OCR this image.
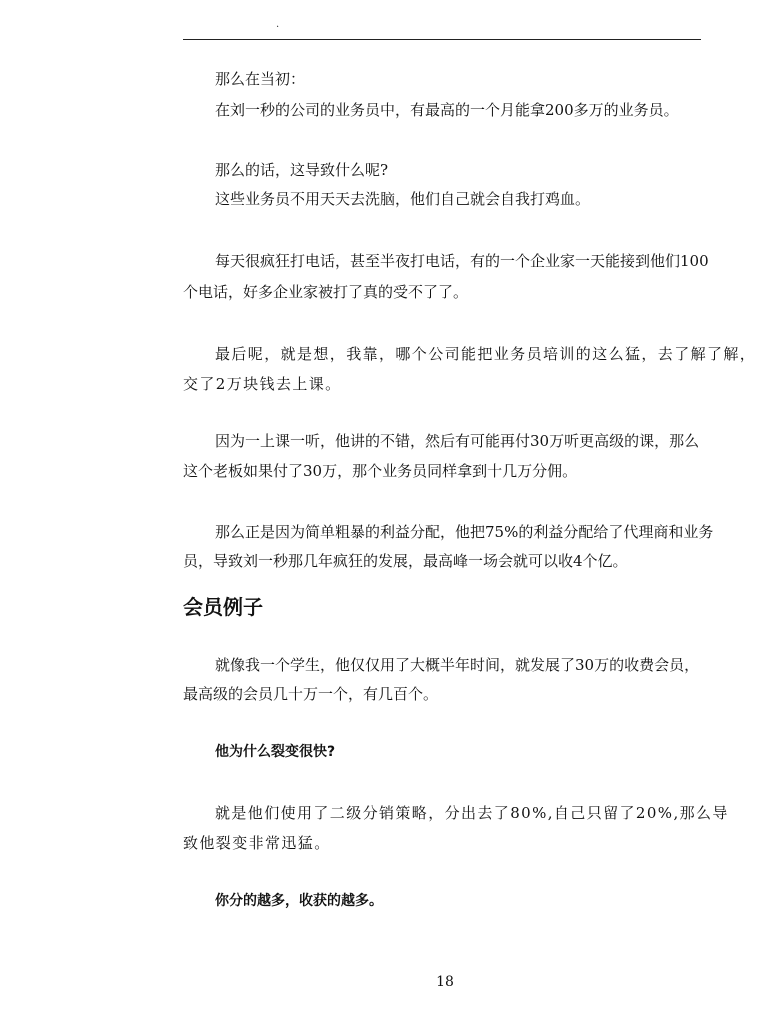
.

那么在当初：

在刘一秒的公司的业务员中，有最高的一个月能拿200多万的业务员。

那么的话，这导致什么呢?

这些业务员不用天天去洗脑，他们自己就会自我打鸡血。

每天很疯狂打电话，甚至半夜打电话，有的一个企业家一天能接到他们100

个电话，好多企业家被打了真的受不了了。

最后呢，就是想，我靠，哪个公司能把业务员培训的这么猛，去了解了解，

交了2万块钱去上课。

因为一上课一听，他讲的不错，然后有可能再付30万听更高级的课，那么

这个老板如果付了30万，那个业务员同样拿到十几万分佣。

那么正是因为简单粗暴的利益分配，他把75%的利益分配给了代理商和业务

员，导致刘一秒那几年疯狂的发展，最高峰一场会就可以收4个亿。

会员例子

就像我一个学生，他仅仅用了大概半年时间，就发展了30万的收费会员，

最高级的会员几十万一个，有几百个。

他为什么裂变很快?

就是他们使用了二级分销策略，分出去了80%,自己只留了20%,那么导

致他裂变非常迅猛。

你分的越多，收获的越多。

18
